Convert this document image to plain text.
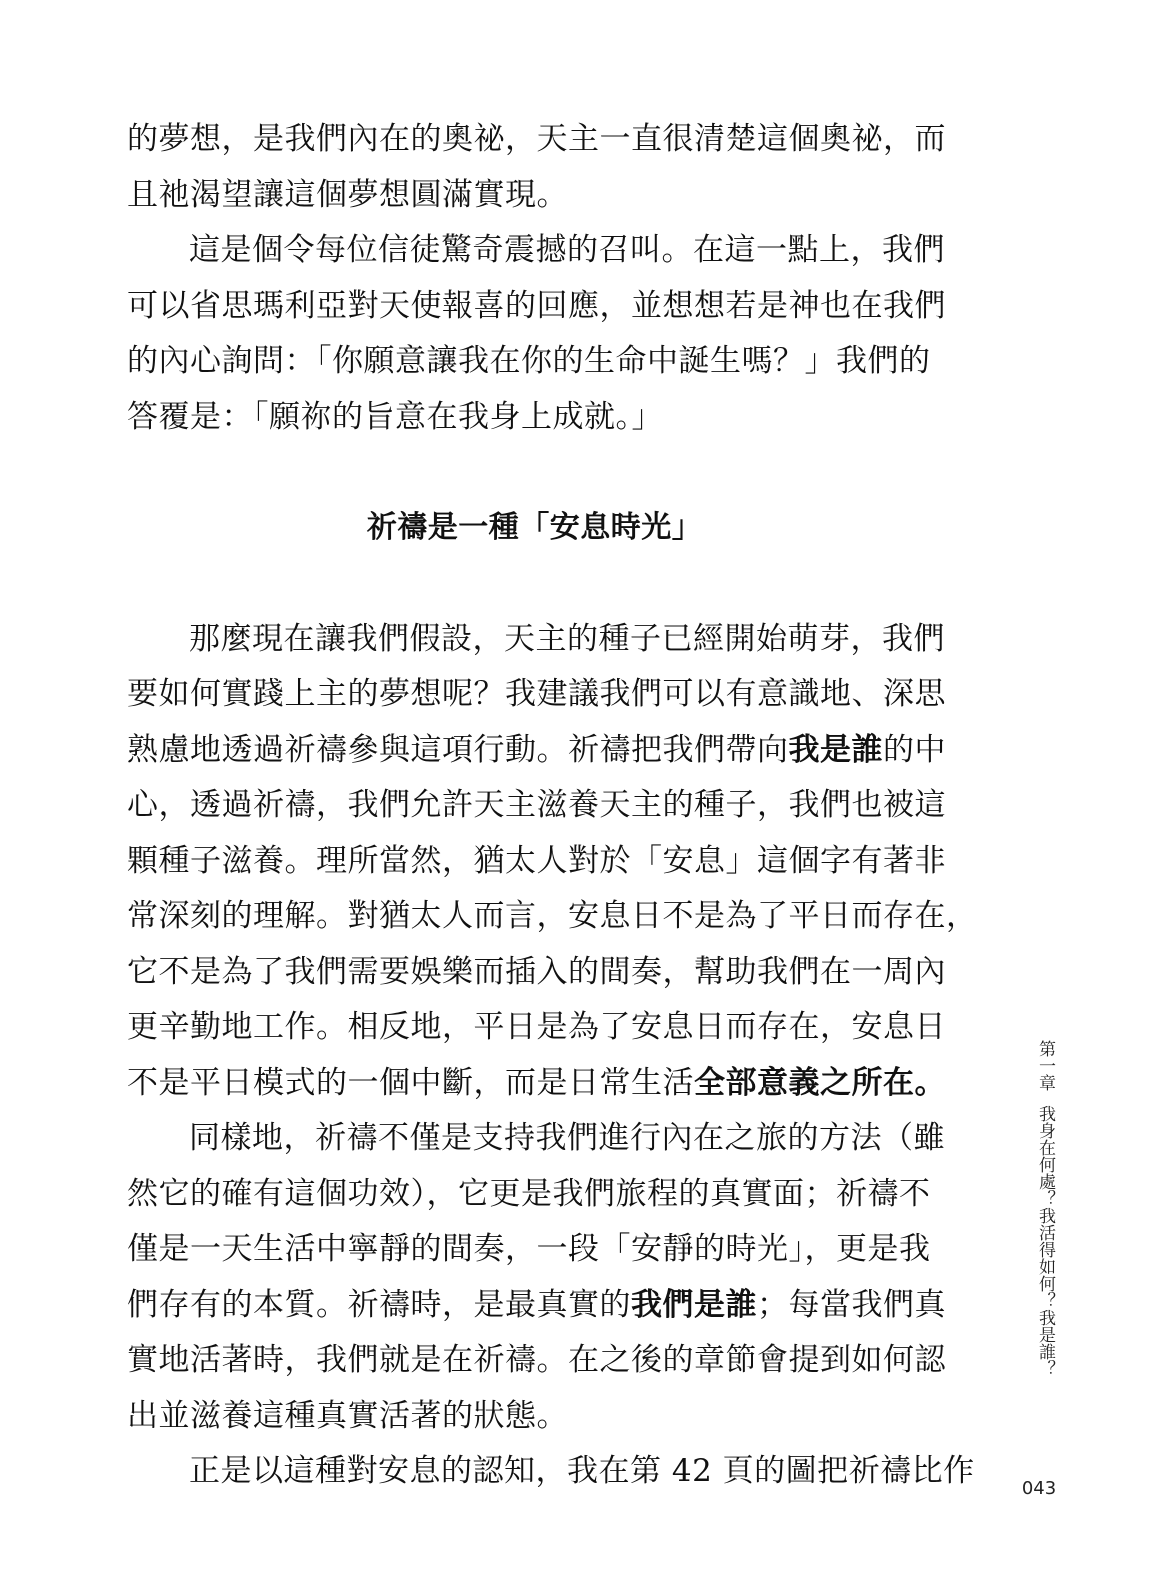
的夢想，是我們內在的奧祕，天主一直很清楚這個奧祕，而
且祂渴望讓這個夢想圓滿實現。
這是個令每位信徒驚奇震撼的召叫。在這一點上，我們
可以省思瑪利亞對天使報喜的回應，並想想若是神也在我們
的內心詢問：「你願意讓我在你的生命中誕生嗎？」我們的
答覆是：「願祢的旨意在我身上成就。」
祈禱是一種「安息時光」
那麼現在讓我們假設，天主的種子已經開始萌芽，我們
要如何實踐上主的夢想呢？我建議我們可以有意識地、深思
熟慮地透過祈禱參與這項行動。祈禱把我們帶向我是誰的中
心，透過祈禱，我們允許天主滋養天主的種子，我們也被這
顆種子滋養。理所當然，猶太人對於「安息」這個字有著非
常深刻的理解。對猶太人而言，安息日不是為了平日而存在，
它不是為了我們需要娛樂而插入的間奏，幫助我們在一周內
更辛勤地工作。相反地，平日是為了安息日而存在，安息日
不是平日模式的一個中斷，而是日常生活全部意義之所在。
同樣地，祈禱不僅是支持我們進行內在之旅的方法（雖
然它的確有這個功效），它更是我們旅程的真實面；祈禱不
僅是一天生活中寧靜的間奏，一段「安靜的時光」，更是我
們存有的本質。祈禱時，是最真實的我們是誰；每當我們真
實地活著時，我們就是在祈禱。在之後的章節會提到如何認
出並滋養這種真實活著的狀態。
正是以這種對安息的認知，我在第 42 頁的圖把祈禱比作
第一章我身在何處？我活得如何？我是誰？
043
